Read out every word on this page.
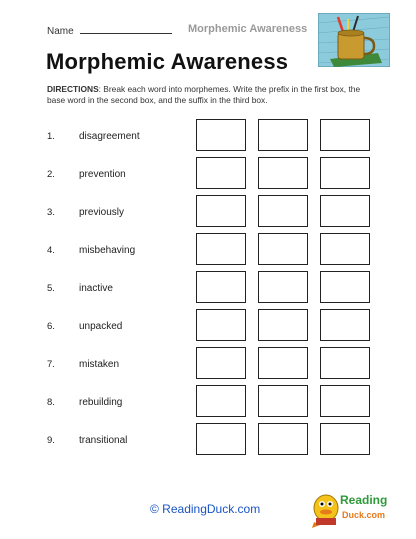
Name	Morphemic Awareness
Morphemic Awareness
DIRECTIONS: Break each word into morphemes. Write the prefix in the first box, the base word in the second box, and the suffix in the third box.
1. disagreement
2. prevention
3. previously
4. misbehaving
5. inactive
6. unpacked
7. mistaken
8. rebuilding
9. transitional
© ReadingDuck.com
Reading
Duck.com
